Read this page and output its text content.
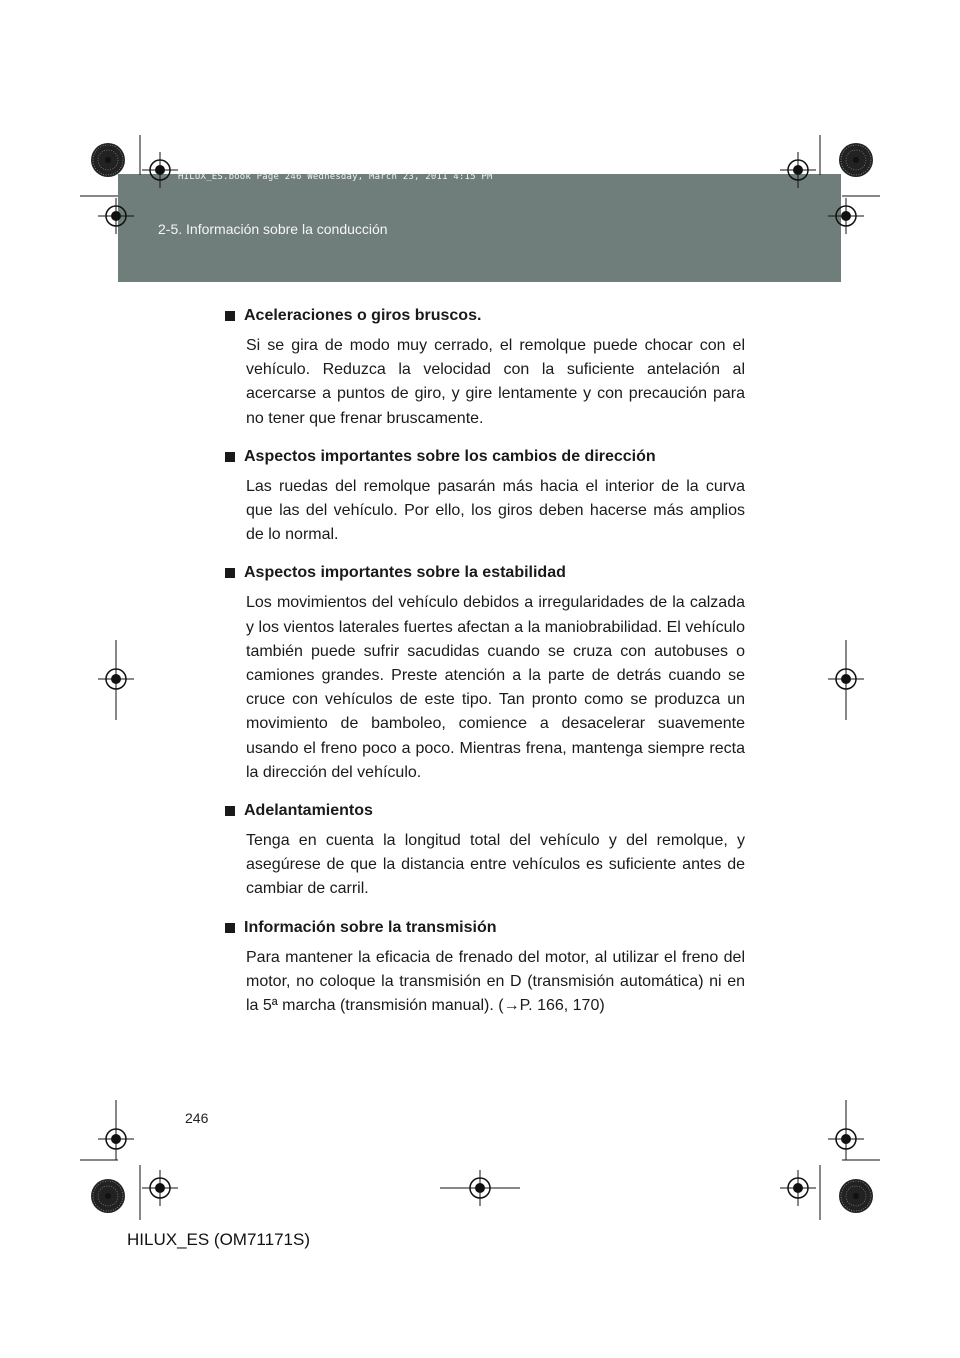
HILUX_ES.book Page 246 Wednesday, March 23, 2011 4:15 PM
2-5. Información sobre la conducción
Aceleraciones o giros bruscos.
Si se gira de modo muy cerrado, el remolque puede chocar con el vehículo. Reduzca la velocidad con la suficiente antelación al acercarse a puntos de giro, y gire lentamente y con precaución para no tener que frenar bruscamente.
Aspectos importantes sobre los cambios de dirección
Las ruedas del remolque pasarán más hacia el interior de la curva que las del vehículo. Por ello, los giros deben hacerse más amplios de lo normal.
Aspectos importantes sobre la estabilidad
Los movimientos del vehículo debidos a irregularidades de la calzada y los vientos laterales fuertes afectan a la maniobrabilidad. El vehículo también puede sufrir sacudidas cuando se cruza con autobuses o camiones grandes. Preste atención a la parte de detrás cuando se cruce con vehículos de este tipo. Tan pronto como se produzca un movimiento de bamboleo, comience a desacelerar suavemente usando el freno poco a poco. Mientras frena, mantenga siempre recta la dirección del vehículo.
Adelantamientos
Tenga en cuenta la longitud total del vehículo y del remolque, y asegúrese de que la distancia entre vehículos es suficiente antes de cambiar de carril.
Información sobre la transmisión
Para mantener la eficacia de frenado del motor, al utilizar el freno del motor, no coloque la transmisión en D (transmisión automática) ni en la 5ª marcha (transmisión manual). (→P. 166, 170)
246
HILUX_ES (OM71171S)
